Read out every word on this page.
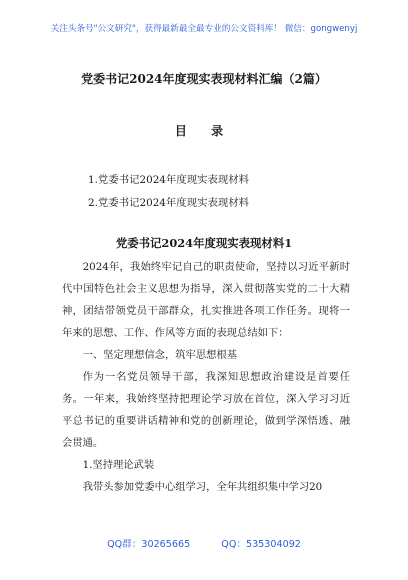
关注头条号"公文研究"，获得最新最全最专业的公文资料库！ 微信：gongwenyj
党委书记2024年度现实表现材料汇编（2篇）
目 录
1.党委书记2024年度现实表现材料
2.党委书记2024年度现实表现材料
党委书记2024年度现实表现材料1

2024年，我始终牢记自己的职责使命，坚持以习近平新时代中国特色社会主义思想为指导，深入贯彻落实党的二十大精神，团结带领党员干部群众，扎实推进各项工作任务。现将一年来的思想、工作、作风等方面的表现总结如下：

一、坚定理想信念，筑牢思想根基

作为一名党员领导干部，我深知思想政治建设是首要任务。一年来，我始终坚持把理论学习放在首位，深入学习习近平总书记的重要讲话精神和党的创新理论，做到学深悟透、融会贯通。

1.坚持理论武装

我带头参加党委中心组学习，全年共组织集中学习20

QQ群：30265665	QQ：535304092
